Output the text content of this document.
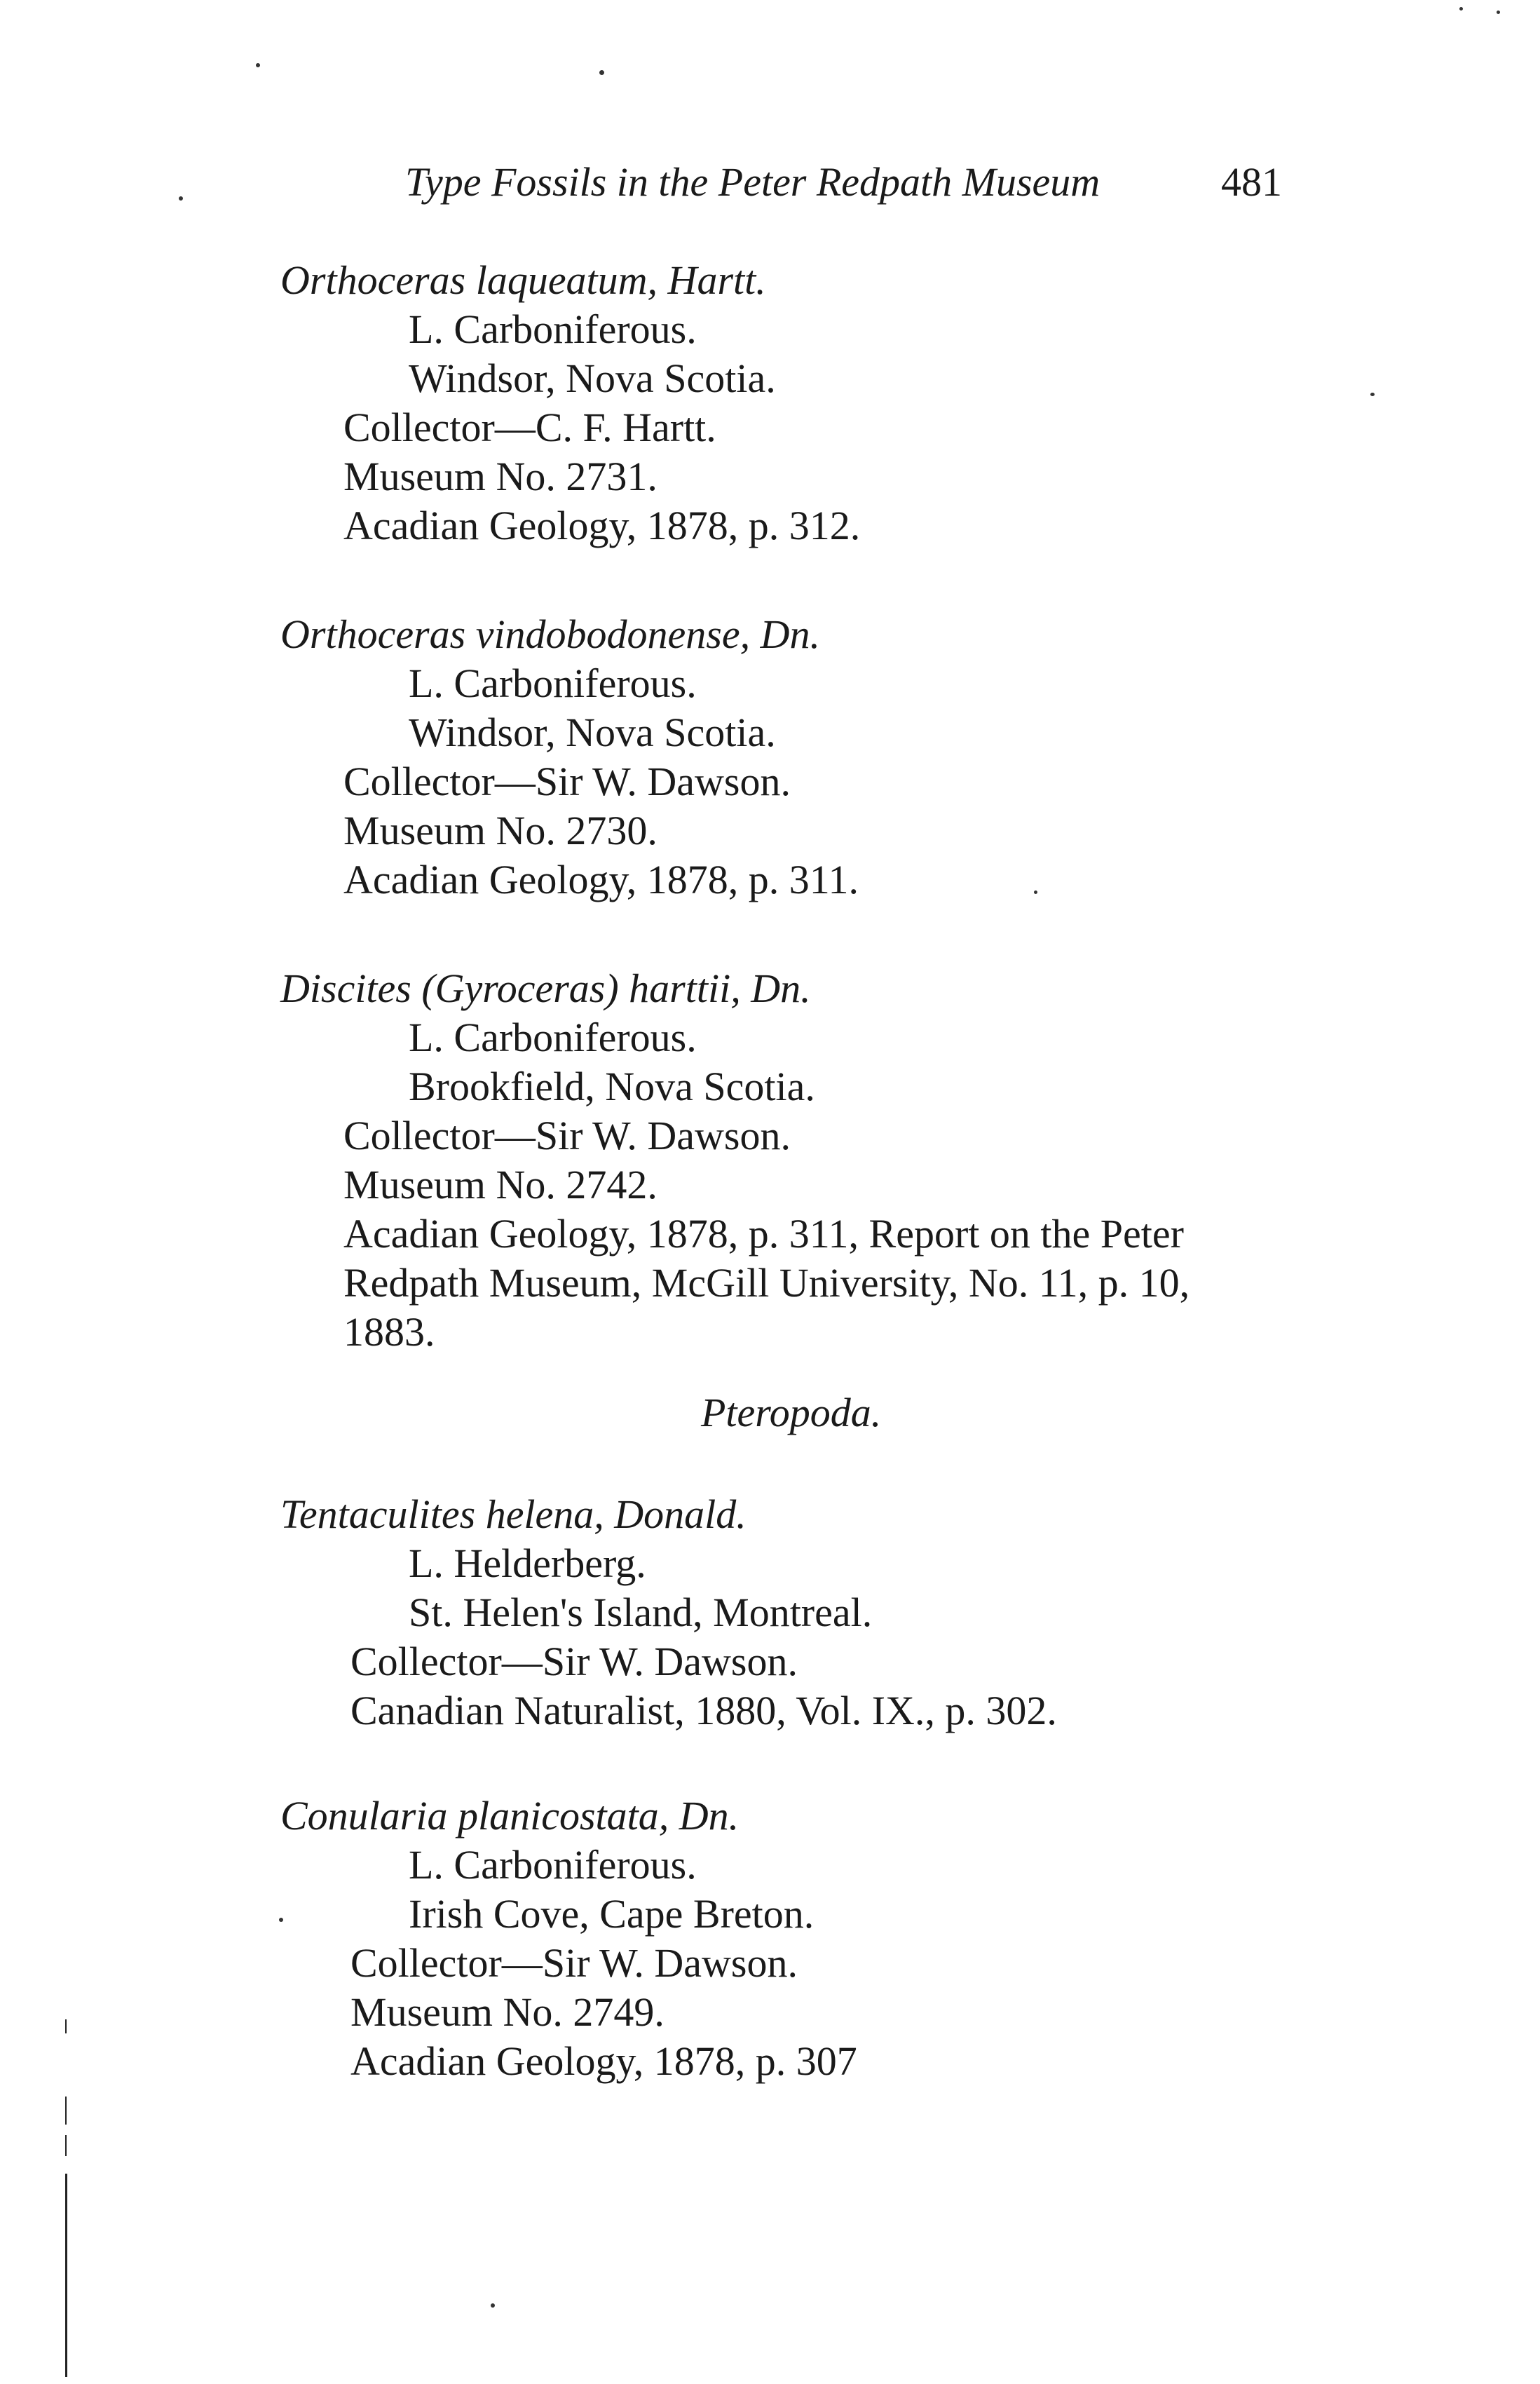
Type Fossils in the Peter Redpath Museum	481
Orthoceras laqueatum, Hartt.
L. Carboniferous.
Windsor, Nova Scotia.
Collector—C. F. Hartt.
Museum No. 2731.
Acadian Geology, 1878, p. 312.
Orthoceras vindobodonense, Dn.
L. Carboniferous.
Windsor, Nova Scotia.
Collector—Sir W. Dawson.
Museum No. 2730.
Acadian Geology, 1878, p. 311.
Discites (Gyroceras) harttii, Dn.
L. Carboniferous.
Brookfield, Nova Scotia.
Collector—Sir W. Dawson.
Museum No. 2742.
Acadian Geology, 1878, p. 311, Report on the Peter
Redpath Museum, McGill University, No. 11, p. 10,
1883.
Pteropoda.
Tentaculites helena, Donald.
L. Helderberg.
St. Helen's Island, Montreal.
Collector—Sir W. Dawson.
Canadian Naturalist, 1880, Vol. IX., p. 302.
Conularia planicostata, Dn.
L. Carboniferous.
Irish Cove, Cape Breton.
Collector—Sir W. Dawson.
Museum No. 2749.
Acadian Geology, 1878, p. 307
